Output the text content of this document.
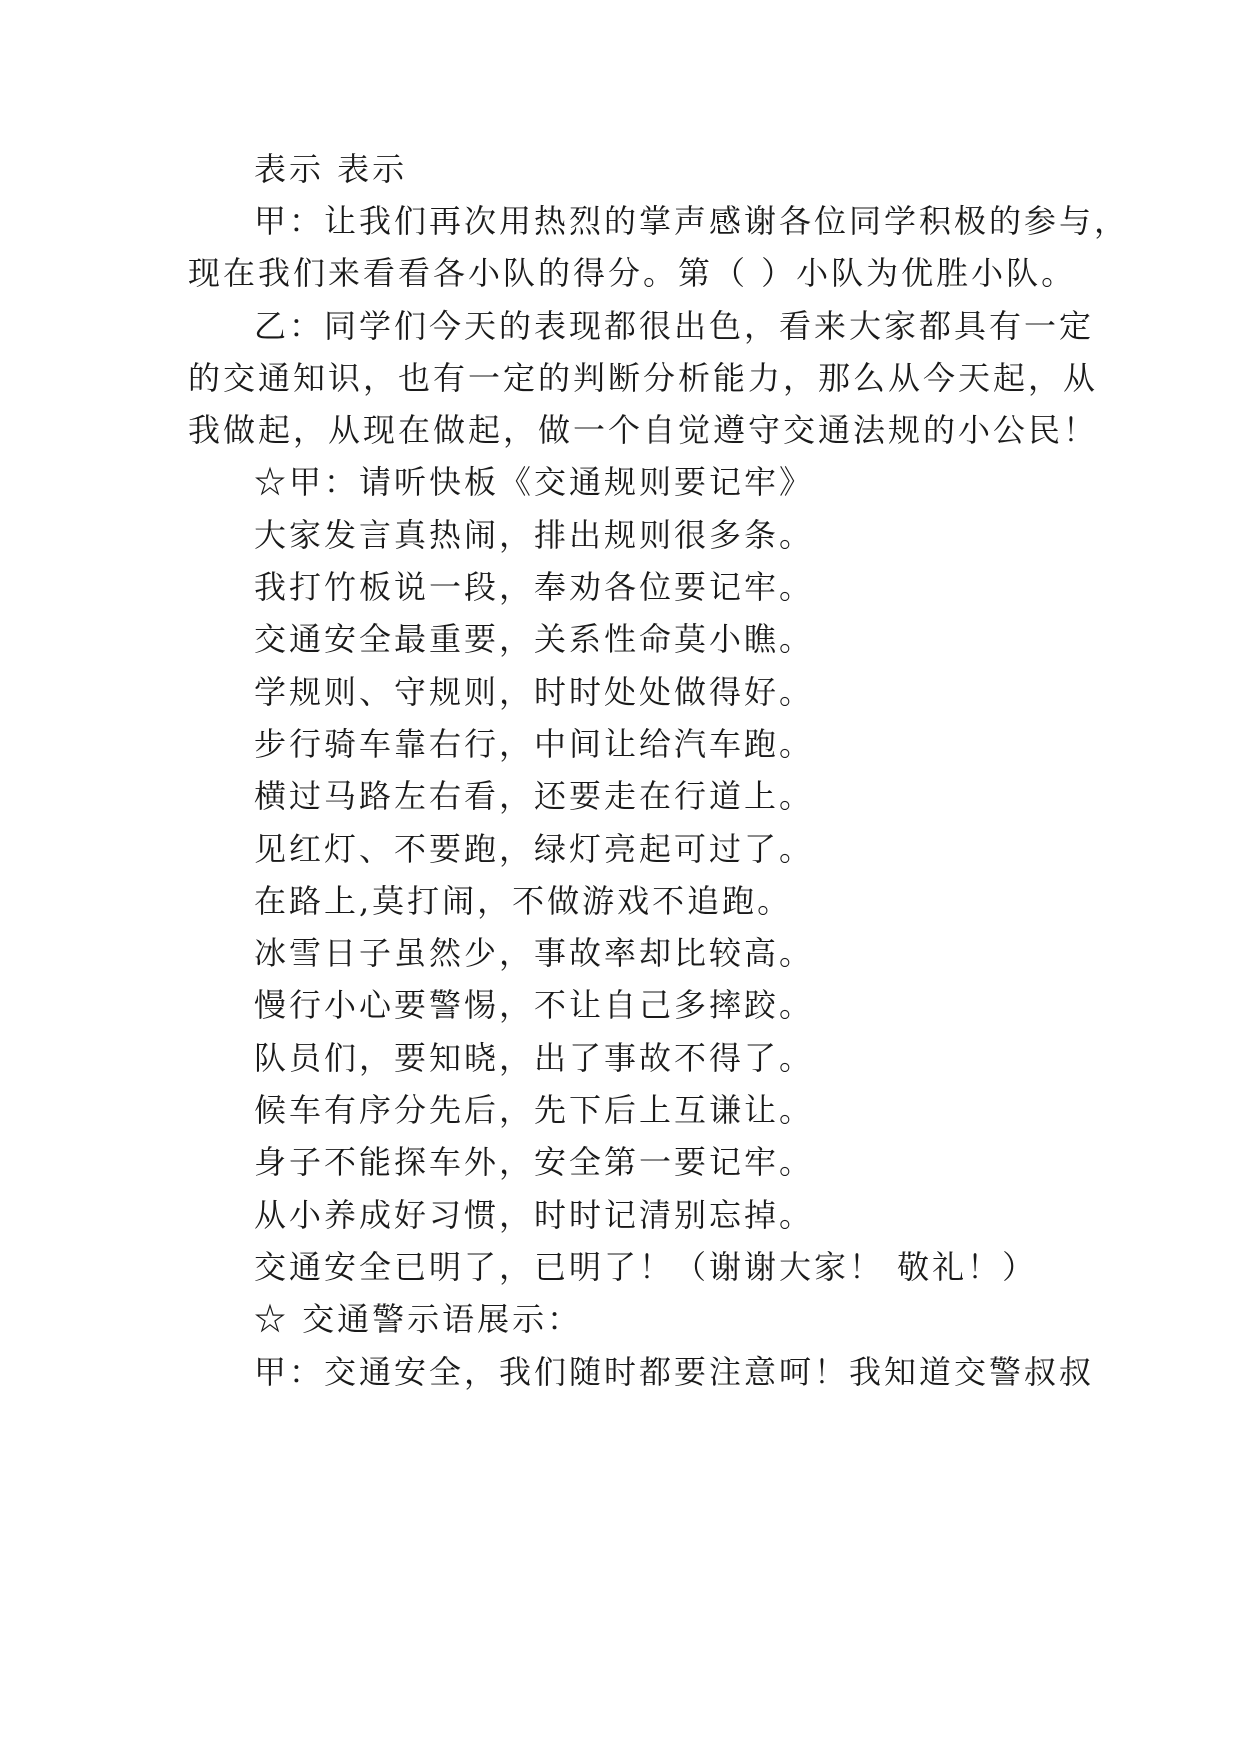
表示 表示
甲：让我们再次用热烈的掌声感谢各位同学积极的参与，
现在我们来看看各小队的得分。第（ ）小队为优胜小队。
乙：同学们今天的表现都很出色，看来大家都具有一定
的交通知识，也有一定的判断分析能力，那么从今天起，从
我做起，从现在做起，做一个自觉遵守交通法规的小公民！
☆甲：请听快板《交通规则要记牢》
大家发言真热闹，排出规则很多条。
我打竹板说一段，奉劝各位要记牢。
交通安全最重要，关系性命莫小瞧。
学规则、守规则，时时处处做得好。
步行骑车靠右行，中间让给汽车跑。
横过马路左右看，还要走在行道上。
见红灯、不要跑，绿灯亮起可过了。
在路上,莫打闹，不做游戏不追跑。
冰雪日子虽然少，事故率却比较高。
慢行小心要警惕，不让自己多摔跤。
队员们，要知晓，出了事故不得了。
候车有序分先后，先下后上互谦让。
身子不能探车外，安全第一要记牢。
从小养成好习惯，时时记清别忘掉。
交通安全已明了，已明了！（谢谢大家！ 敬礼！）
☆ 交通警示语展示：
甲：交通安全，我们随时都要注意呵！我知道交警叔叔
